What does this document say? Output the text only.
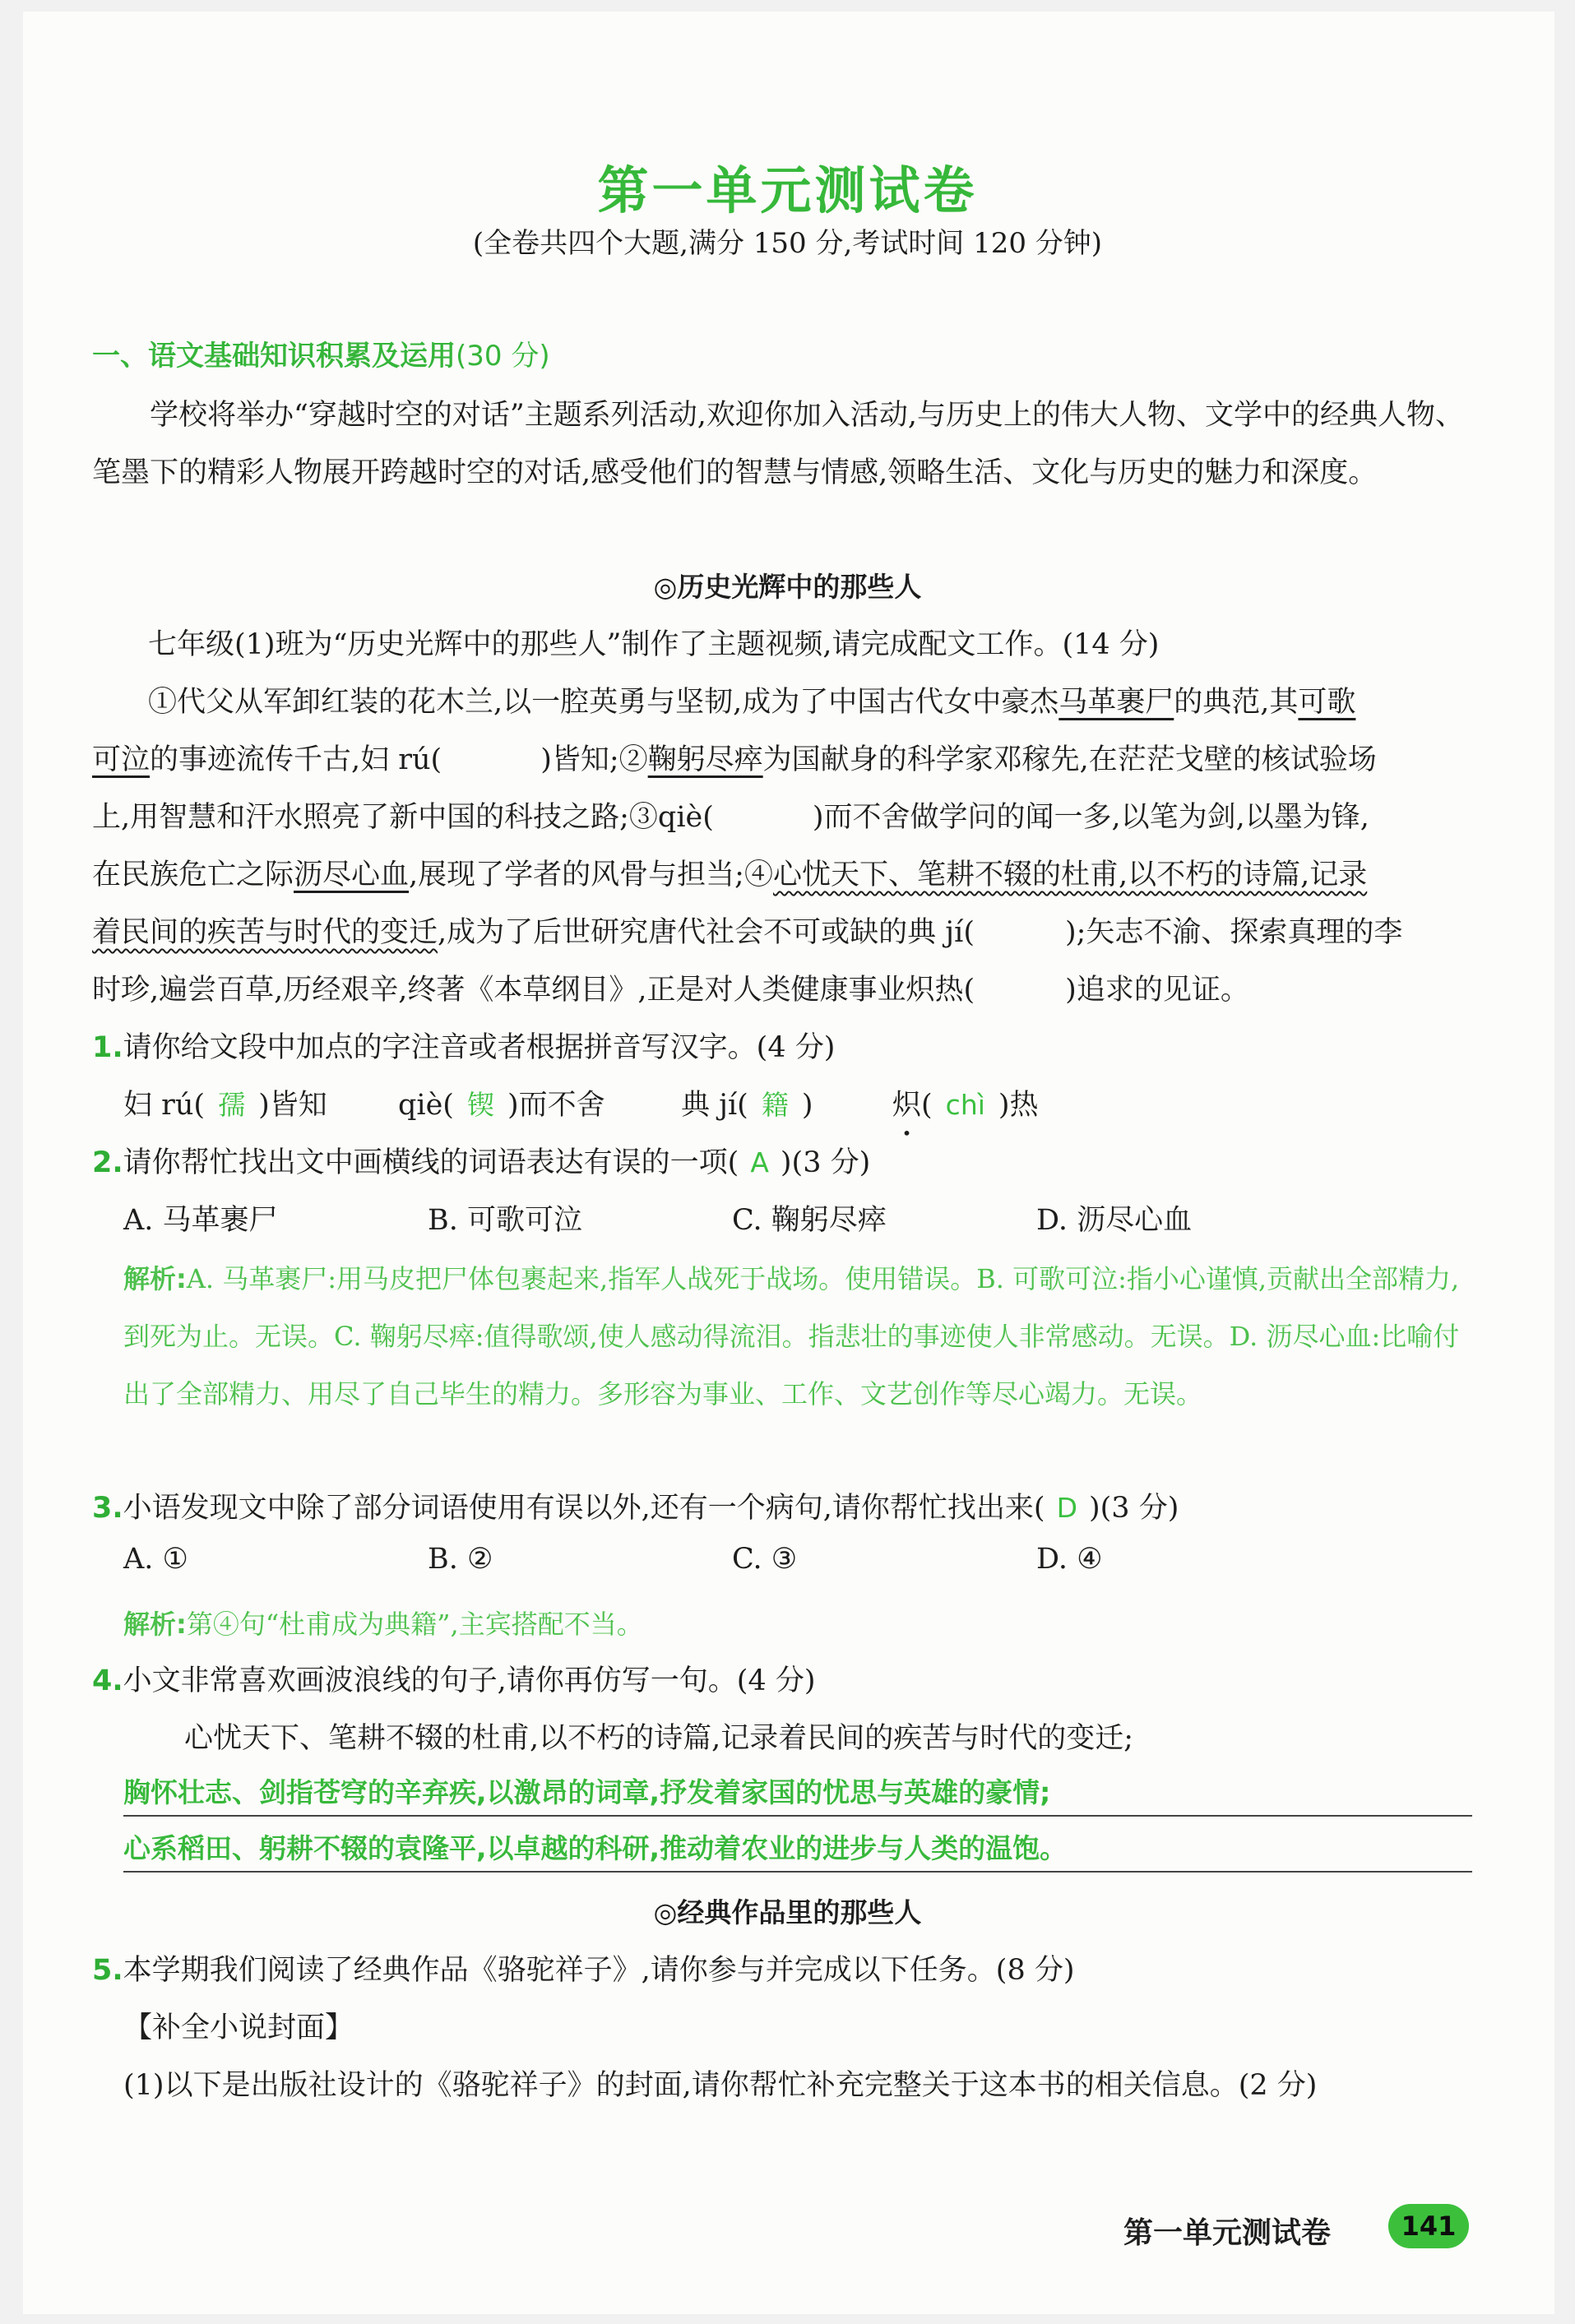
第一单元测试卷
(全卷共四个大题,满分 150 分,考试时间 120 分钟)
一、语文基础知识积累及运用(30 分)

学校将举办“穿越时空的对话”主题系列活动,欢迎你加入活动,与历史上的伟大人物、文学中的经典人物、笔墨下的精彩人物展开跨越时空的对话,感受他们的智慧与情感,领略生活、文化与历史的魅力和深度。

◎历史光辉中的那些人
七年级(1)班为“历史光辉中的那些人”制作了主题视频,请完成配文工作。(14 分)
①代父从军卸红装的花木兰,以一腔英勇与坚韧,成为了中国古代女中豪杰马革裹尸的典范,其可歌
可泣的事迹流传千古,妇 rú(	)皆知;②鞠躬尽瘁为国献身的科学家邓稼先,在茫茫戈壁的核试验场
上,用智慧和汗水照亮了新中国的科技之路;③qiè(	)而不舍做学问的闻一多,以笔为剑,以墨为锋,
在民族危亡之际沥尽心血,展现了学者的风骨与担当;④心忧天下、笔耕不辍的杜甫,以不朽的诗篇,记录
着民间的疾苦与时代的变迁,成为了后世研究唐代社会不可或缺的典 jí(	);矢志不渝、探索真理的李
时珍,遍尝百草,历经艰辛,终著《本草纲目》,正是对人类健康事业炽热(	)追求的见证。
1.请你给文段中加点的字注音或者根据拼音写汉字。(4 分)
妇 rú( 孺 )皆知 qiè( 锲 )而不舍	典 jí( 籍 )	炽( chì )热
2.请你帮忙找出文中画横线的词语表达有误的一项( A )(3 分)
A. 马革裹尸	B. 可歌可泣	C. 鞠躬尽瘁	D. 沥尽心血
解析:A. 马革裹尸:用马皮把尸体包裹起来,指军人战死于战场。使用错误。B. 可歌可泣:指小心谨慎,贡献出全部精力,到死为止。无误。C. 鞠躬尽瘁:值得歌颂,使人感动得流泪。指悲壮的事迹使人非常感动。无误。D. 沥尽心血:比喻付出了全部精力、用尽了自己毕生的精力。多形容为事业、工作、文艺创作等尽心竭力。无误。
3.小语发现文中除了部分词语使用有误以外,还有一个病句,请你帮忙找出来( D )(3 分)
A. ①	B. ②	C. ③	D. ④
解析:第④句“杜甫成为典籍”,主宾搭配不当。
4.小文非常喜欢画波浪线的句子,请你再仿写一句。(4 分)
心忧天下、笔耕不辍的杜甫,以不朽的诗篇,记录着民间的疾苦与时代的变迁;
胸怀壮志、剑指苍穹的辛弃疾,以激昂的词章,抒发着家国的忧思与英雄的豪情;
心系稻田、躬耕不辍的袁隆平,以卓越的科研,推动着农业的进步与人类的温饱。
◎经典作品里的那些人
5.本学期我们阅读了经典作品《骆驼祥子》,请你参与并完成以下任务。(8 分)
【补全小说封面】
(1)以下是出版社设计的《骆驼祥子》的封面,请你帮忙补充完整关于这本书的相关信息。(2 分)
第一单元测试卷	141
